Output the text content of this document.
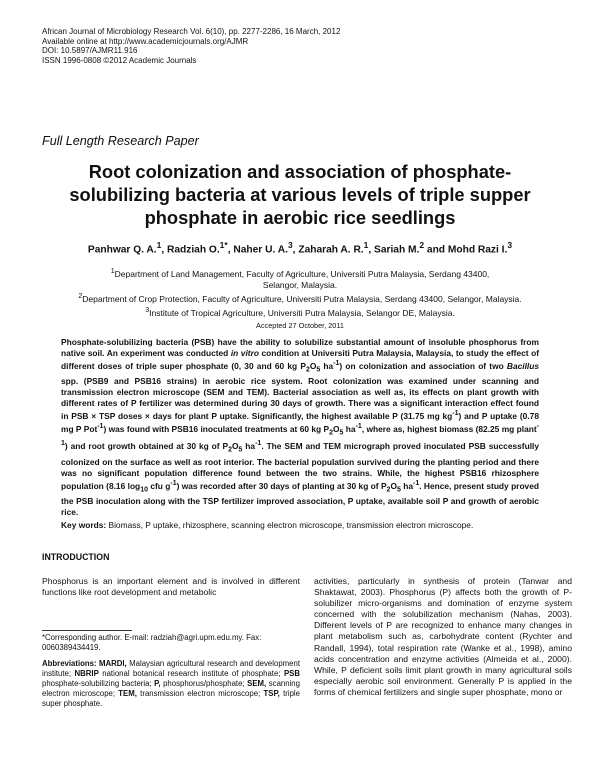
African Journal of Microbiology Research Vol. 6(10), pp. 2277-2286, 16 March, 2012
Available online at http://www.academicjournals.org/AJMR
DOI: 10.5897/AJMR11.916
ISSN 1996-0808 ©2012 Academic Journals
Full Length Research Paper
Root colonization and association of phosphate-
solubilizing bacteria at various levels of triple supper
phosphate in aerobic rice seedlings
Panhwar Q. A.$^1$, Radziah O.$^{1*}$, Naher U. A.$^3$, Zaharah A. R.$^1$, Sariah M.$^2$ and Mohd Razi I.$^3$
$^1$Department of Land Management, Faculty of Agriculture, Universiti Putra Malaysia, Serdang 43400,
Selangor, Malaysia.
$^2$Department of Crop Protection, Faculty of Agriculture, Universiti Putra Malaysia, Serdang 43400, Selangor, Malaysia.
$^3$Institute of Tropical Agriculture, Universiti Putra Malaysia, Selangor DE, Malaysia.
Accepted 27 October, 2011
Phosphate-solubilizing bacteria (PSB) have the ability to solubilize substantial amount of insoluble phosphorus from native soil. An experiment was conducted in vitro condition at Universiti Putra Malaysia, Malaysia, to study the effect of different doses of triple super phosphate (0, 30 and 60 kg $P_2O_5$ $ha^{-1}$) on colonization and association of two Bacillus spp. (PSB9 and PSB16 strains) in aerobic rice system. Root colonization was examined under scanning and transmission electron microscope (SEM and TEM). Bacterial association as well as, its effects on plant growth with different rates of P fertilizer was determined during 30 days of growth. There was a significant interaction effect found in PSB × TSP doses × days for plant P uptake. Significantly, the highest available P (31.75 mg $kg^{-1}$) and P uptake (0.78 mg P Pot$^{-1}$) was found with PSB16 inoculated treatments at 60 kg $P_2O_5$ $ha^{-1}$, where as, highest biomass (82.25 mg plant$^{-1}$) and root growth obtained at 30 kg of $P_2O_5$ $ha^{-1}$. The SEM and TEM micrograph proved inoculated PSB successfully colonized on the surface as well as root interior. The bacterial population survived during the planting period and there was no significant population difference found between the two strains. While, the highest PSB16 rhizosphere population (8.16 $\log_{10}$ cfu $g^{-1}$) was recorded after 30 days of planting at 30 kg of $P_2O_5$ $ha^{-1}$. Hence, present study proved the PSB inoculation along with the TSP fertilizer improved association, P uptake, available soil P and growth of aerobic rice.
Key words: Biomass, P uptake, rhizosphere, scanning electron microscope, transmission electron microscope.
INTRODUCTION
Phosphorus is an important element and is involved in different functions like root development and metabolic
activities, particularly in synthesis of protein (Tanwar and Shaktawat, 2003). Phosphorus (P) affects both the growth of P-solubilizer micro-organisms and domination of enzyme system concerned with the solubilization mechanism (Nahas, 2003). Different levels of P are recognized to enhance many changes in plant metabolism such as, carbohydrate content (Rychter and Randall, 1994), total respiration rate (Wanke et al., 1998), amino acids concentration and enzyme activities (Almeida et al., 2000). While, P deficient soils limit plant growth in many agricultural soils especially aerobic soil environment. Generally P is applied in the forms of chemical fertilizers and single super phosphate, mono or
*Corresponding author. E-mail: radziah@agri.upm.edu.my. Fax: 0060389434419.
Abbreviations: MARDI, Malaysian agricultural research and development institute; NBRIP national botanical research institute of phosphate; PSB phosphate-solubilizing bacteria; P, phosphorus/phosphate; SEM, scanning electron microscope; TEM, transmission electron microscope; TSP, triple super phosphate.
